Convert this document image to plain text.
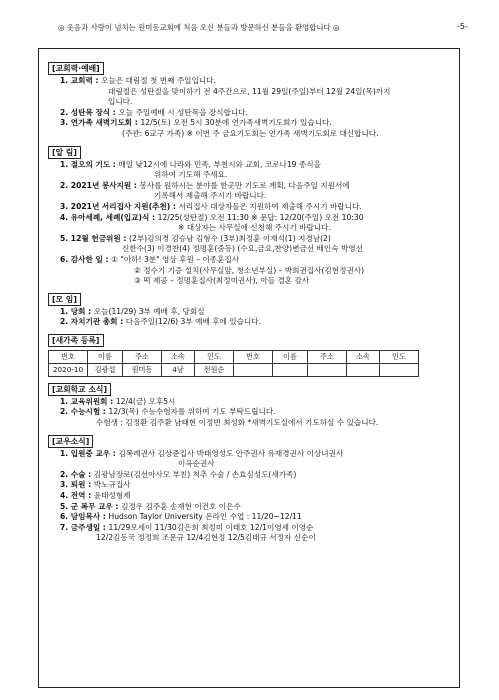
◎ 웃음과 사랑이 넘치는 원미동교회에 처음 오신 분들과 방문하신 분들을 환영합니다 ◎	-5-
[교회력·예배]
1. 교회력 : 오늘은 대림절 첫 번째 주일입니다.
대림절은 성탄절을 맞이하기 전 4주간으로, 11월 29일(주일)부터 12월 24일(목)까지
입니다.
2. 성탄목 장식 : 오늘 주일예배 시 성탄목을 장식합니다.
3. 연가족 새벽기도회 : 12/5(토) 오전 5시 30분에 연가족새벽기도회가 있습니다.
(주관: 6교구 가족) ※ 이번 주 금요기도회는 연가족 새벽기도회로 대신합니다.
[알 림]
1. 절오의 기도 : 매일 낮12시에 나라와 민족, 부천시와 교회, 코로나19 종식을
위하여 기도해 주세요.
2. 2021년 봉사지원 : 봉사를 원하시는 분야를 한곳만 기도로 계획, 다음주일 지원서에
기록해서 제출해 주시기 바랍니다.
3. 2021년 서리집사 지원(추천) : 서리집사 대상자들은 지원하여 제출해 주시기 바랍니다.
4. 유아세례, 세례(입교)식 : 12/25(성탄절) 오전 11:30 ※ 문답: 12/20(주일) 오전 10:30
※ 대상자는 사무실에 신청해 주시기 바랍니다.
5. 12월 헌금위원 : (2부)김의경 김승남 김형수 (3부)최정훈 이재석(1) 지경남(2)
신한수(3) 이경찬(4) 정명훈(중등) (수요,금요,찬양)변금선 배인숙 박영선
6. 감사한 일 : ① "아하! 3분" 영상 후원 – 이종훈집사
② 정수기 기증 설치(사무실앞, 청소년부실) – 박희권집사(김현정권사)
③ 떡 제공 – 정명훈집사(최정미권사), 아들 결혼 감사
[모 임]
1. 당회 : 오늘(11/29) 3부 예배 후, 당회실
2. 자치기관 총회 : 다음주일(12/6) 3부 예배 후에 있습니다.
[새가족 등록]
번호	이름	주소	소속	인도	번호	이름	주소	소속	인도
2020-10	김광섭	원미동	4남	전원순					
[교회학교 소식]
1. 교육위원회 : 12/4(금) 오후5시
2. 수능시험 : 12/3(목) 수능수험자를 위하여 기도 부탁드립니다.
수험생 : 김정환 김주환 남태현 이정빈 최성화 *새벽기도실에서 기도하실 수 있습니다.
[교우소식]
1. 입원중 교우 : 김복례권사 김상준집사 박태영성도 안주권사 유재경권사 이상녀권사
이옥순권사
2. 수술 : 김광남장로(김선아사모 부친) 척추 수술 / 손효심성도(새가족)
3. 퇴원 : 박노규집사
4. 전역 : 윤태성형제
5. 군 복무 교우 : 김정우 김주훈 송재현 이건호 이은수
6. 담임목사 : Hudson Taylor University 온라인 수업 : 11/20~12/11
7. 금주생일 : 11/29모세이 11/30김은희 최정미 이태호 12/1이영세 이영순
12/2김동국 정정희 조문규 12/4김현정 12/5김태규 서정자 신순이
